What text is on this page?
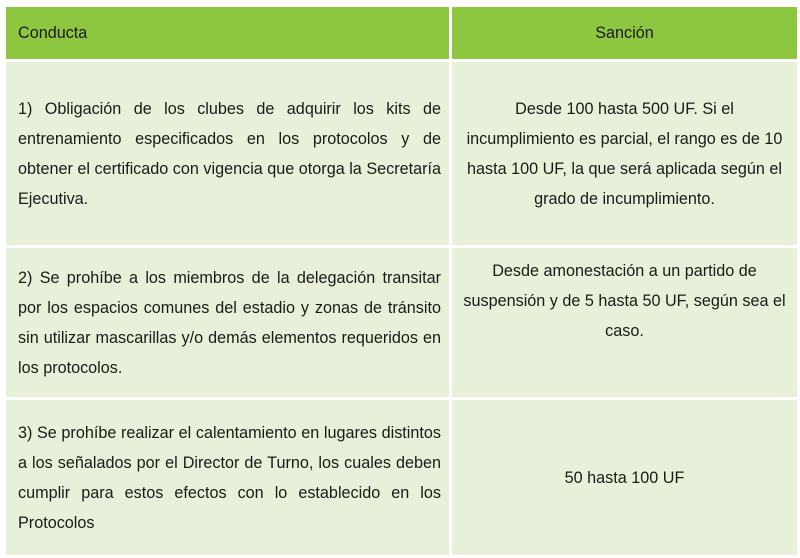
Conducta	Sanción
1) Obligación de los clubes de adquirir los kits de entrenamiento especificados en los protocolos y de obtener el certificado con vigencia que otorga la Secretaría Ejecutiva.	Desde 100 hasta 500 UF. Si el incumplimiento es parcial, el rango es de 10 hasta 100 UF, la que será aplicada según el grado de incumplimiento.
2) Se prohíbe a los miembros de la delegación transitar por los espacios comunes del estadio y zonas de tránsito sin utilizar mascarillas y/o demás elementos requeridos en los protocolos.	Desde amonestación a un partido de suspensión y de 5 hasta 50 UF, según sea el caso.
3) Se prohíbe realizar el calentamiento en lugares distintos a los señalados por el Director de Turno, los cuales deben cumplir para estos efectos con lo establecido en los Protocolos	50 hasta 100 UF
